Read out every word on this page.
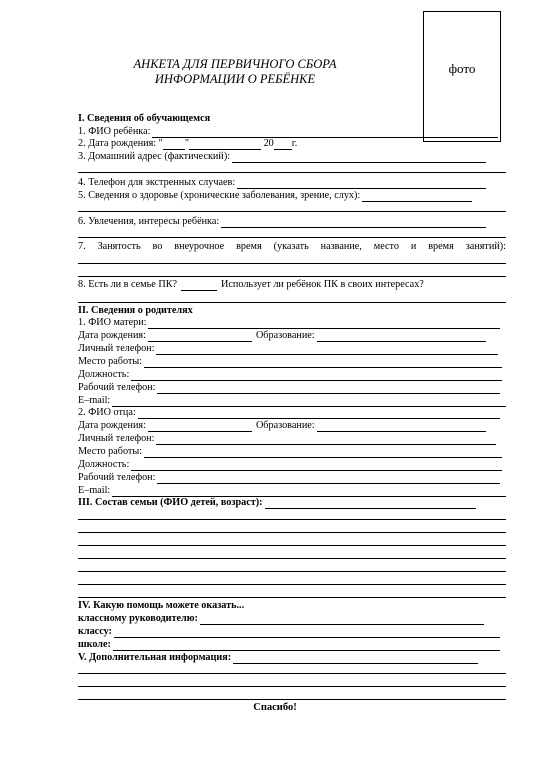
фото
АНКЕТА ДЛЯ ПЕРВИЧНОГО СБОРА
ИНФОРМАЦИИ О РЕБЁНКЕ
I. Сведения об обучающемся
1. ФИО ребёнка:
2. Дата рождения: " "	20 г.
3. Домашний адрес (фактический):
4. Телефон для экстренных случаев:
5. Сведения о здоровье (хронические заболевания, зрение, слух):
6. Увлечения, интересы ребёнка:
7. Занятость во внеурочное время (указать название, место и время занятий):
8. Есть ли в семье ПК?	Использует ли ребёнок ПК в своих интересах?
II. Сведения о родителях
1. ФИО матери:
Дата рождения:	Образование:
Личный телефон:
Место работы:
Должность:
Рабочий телефон:
E–mail:
2. ФИО отца:
Дата рождения:	Образование:
Личный телефон:
Место работы:
Должность:
Рабочий телефон:
E–mail:
III. Состав семьи (ФИО детей, возраст):
IV. Какую помощь можете оказать...
классному руководителю:
классу:
школе:
V. Дополнительная информация:
Спасибо!
